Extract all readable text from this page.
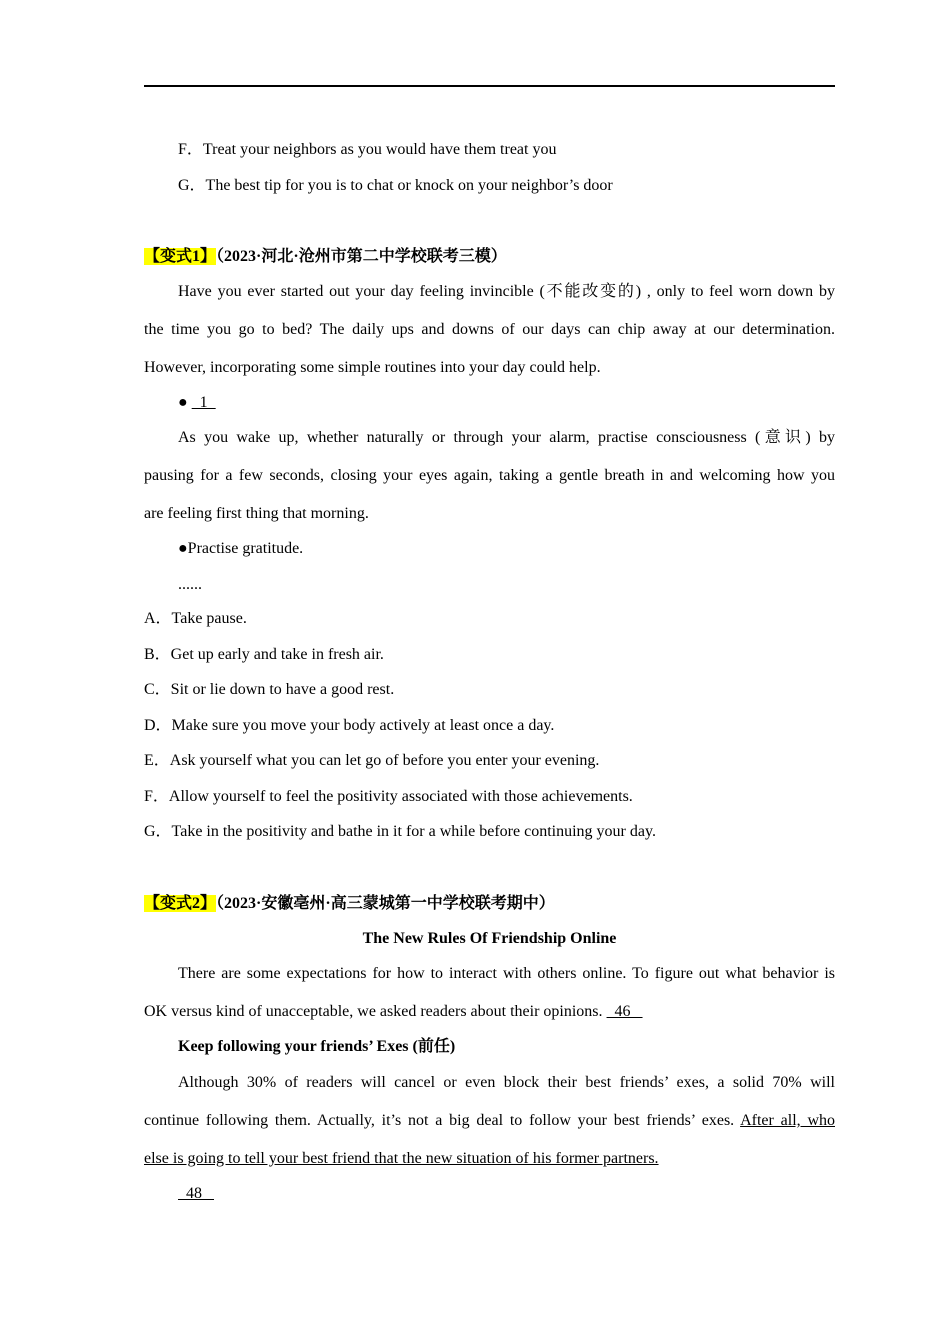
F．Treat your neighbors as you would have them treat you
G．The best tip for you is to chat or knock on your neighbor’s door
【变式1】（2023·河北·沧州市第二中学校联考三模）
Have you ever started out your day feeling invincible (不能改变的) , only to feel worn down by
the time you go to bed? The daily ups and downs of our days can chip away at our determination.
However, incorporating some simple routines into your day could help.
●   1
As you wake up, whether naturally or through your alarm, practise consciousness (意识) by
pausing for a few seconds, closing your eyes again, taking a gentle breath in and welcoming how you
are feeling first thing that morning.
●Practise gratitude.
......
A．Take pause.
B．Get up early and take in fresh air.
C．Sit or lie down to have a good rest.
D．Make sure you move your body actively at least once a day.
E．Ask yourself what you can let go of before you enter your evening.
F．Allow yourself to feel the positivity associated with those achievements.
G．Take in the positivity and bathe in it for a while before continuing your day.
【变式2】（2023·安徽亳州·高三蒙城第一中学校联考期中）
The New Rules Of Friendship Online
There are some expectations for how to interact with others online. To figure out what behavior is
OK versus kind of unacceptable, we asked readers about their opinions.   46
Keep following your friends’ Exes (前任)
Although 30% of readers will cancel or even block their best friends’ exes, a solid 70% will
continue following them. Actually, it’s not a big deal to follow your best friends’ exes. After all, who
else is going to tell your best friend that the new situation of his former partners.
48
